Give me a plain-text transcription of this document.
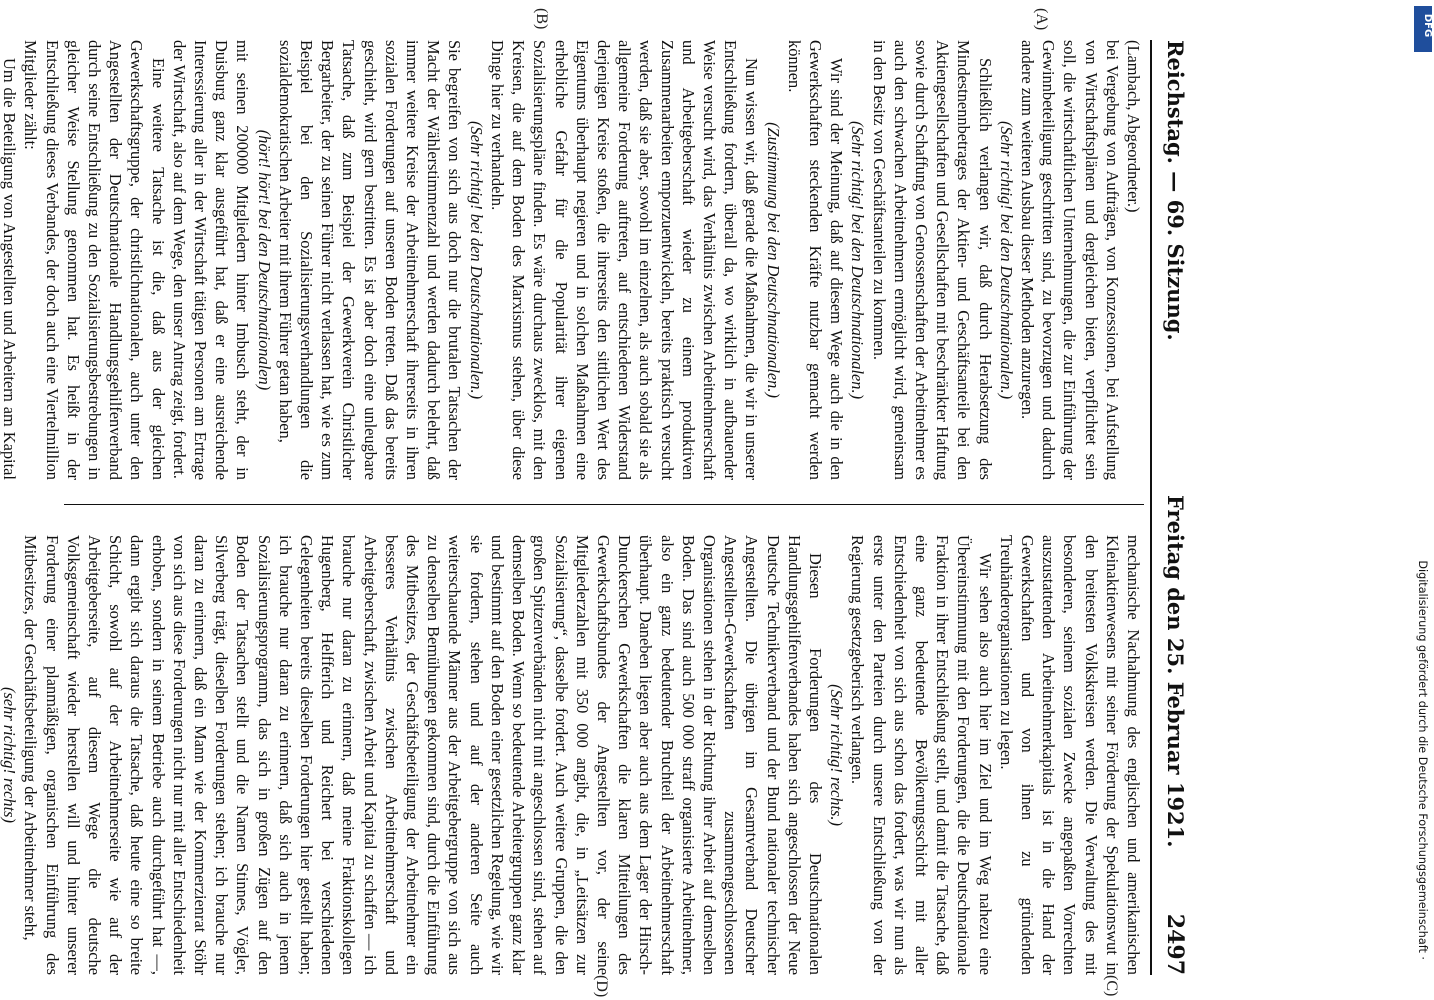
Reichstag. — 69. Sitzung.
Freitag den 25. Februar 1921.
2497
(A)
(B)
(C)
(D)

(Lambach, Abgeordneter.)

bei Vergebung von Aufträgen, von Konzessionen, bei Aufstellung von Wirtschaftsplänen und dergleichen bieten, verpflichtet sein soll, die wirtschaftlichen Unternehmungen, die zur Einführung der Gewinnbeteiligung geschritten sind, zu bevorzugen und dadurch andere zum weiteren Ausbau dieser Methoden anzuregen.

(Sehr richtig! bei den Deutschnationalen.)

Schließlich verlangen wir, daß durch Herabsetzung des Mindestnennbetrages der Aktien- und Geschäftsanteile bei den Aktiengesellschaften und Gesellschaften mit beschränkter Haftung sowie durch Schaffung von Genossenschaften der Arbeitnehmer es auch den schwachen Arbeitnehmern ermöglicht wird, gemeinsam in den Besitz von Geschäftsanteilen zu kommen.

(Sehr richtig! bei den Deutschnationalen.)

Wir sind der Meinung, daß auf diesem Wege auch die in den Gewerkschaften steckenden Kräfte nutzbar gemacht werden können.

(Zustimmung bei den Deutschnationalen.)

Nun wissen wir, daß gerade die Maßnahmen, die wir in unserer Entschließung fordern, überall da, wo wirklich in aufbauender Weise versucht wird, das Verhältnis zwischen Arbeitnehmerschaft und Arbeitgeberschaft wieder zu einem produktiven Zusammenarbeiten emporzuentwickeln, bereits praktisch versucht werden, daß sie aber, sowohl im einzelnen, als auch sobald sie als allgemeine Forderung auftreten, auf entschiedenen Widerstand derjenigen Kreise stoßen, die ihrerseits den sittlichen Wert des Eigentums überhaupt negieren und in solchen Maßnahmen eine erhebliche Gefahr für die Popularität ihrer eigenen Sozialisierungspläne finden. Es wäre durchaus zwecklos, mit den Kreisen, die auf dem Boden des Marxismus stehen, über diese Dinge hier zu verhandeln.

(Sehr richtig! bei den Deutschnationalen.)

Sie begreifen von sich aus doch nur die brutalen Tatsachen der Macht der Wählerstimmenzahl und werden dadurch belehrt, daß immer weitere Kreise der Arbeitnehmerschaft ihrerseits in ihren sozialen Forderungen auf unseren Boden treten. Daß das bereits geschieht, wird gern bestritten. Es ist aber doch eine unleugbare Tatsache, daß zum Beispiel der Gewerkverein Christlicher Bergarbeiter, der zu seinen Führer nicht verlassen hat, wie es zum Beispiel bei den Sozialisierungsverhandlungen die sozialdemokratischen Arbeiter mit ihrem Führer getan haben,

(hört! hört! bei den Deutschnationalen)

mit seinen 200000 Mitgliedern hinter Imbusch steht, der in Duisburg ganz klar ausgeführt hat, daß er eine ausreichende Interessierung aller in der Wirtschaft tätigen Personen am Ertrage der Wirtschaft, also auf dem Wege, den unser Antrag zeigt, fordert.

Eine weitere Tatsache ist die, daß aus der gleichen Gewerkschaftsgruppe, der christlichnationalen, auch unter den Angestellten der Deutschnationale Handlungsgehilfenverband durch seine Entschließung zu den Sozialisierungsbestrebungen in gleicher Weise Stellung genommen hat. Es heißt in der Entschließung dieses Verbandes, der doch auch eine Viertelmillion Mitglieder zählt:

Um die Beteiligung von Angestellten und Arbeitern am Kapital

mechanische Nachahmung des englischen und amerikanischen Kleinaktienwesens mit seiner Förderung der Spekulationswut in den breitesten Volkskreisen werden. Die Verwaltung des mit besonderen, seinem sozialen Zwecke angepaßten Vorrechten auszustattenden Arbeitnehmerkapitals ist in die Hand der Gewerkschaften und von ihnen zu gründenden Treuhänderorganisationen zu legen.

Wir sehen also auch hier im Ziel und im Weg nahezu eine Übereinstimmung mit den Forderungen, die die Deutschnationale Fraktion in ihrer Entschließung stellt, und damit die Tatsache, daß eine ganz bedeutende Bevölkerungsschicht mit aller Entschiedenheit von sich aus schon das fordert, was wir nun als erste unter den Parteien durch unsere Entschließung von der Regierung gesetzgeberisch verlangen.

(Sehr richtig! rechts.)

Diesen Forderungen des Deutschnationalen Handlungsgehilfenverbandes haben sich angeschlossen der Neue Deutsche Technikerverband und der Bund nationaler technischer Angestellten. Die übrigen im Gesamtverband Deutscher Angestellten-Gewerkschaften zusammengeschlossenen Organisationen stehen in der Richtung ihrer Arbeit auf demselben Boden. Das sind auch 500 000 straff organisierte Arbeitnehmer, also ein ganz bedeutender Bruchteil der Arbeitnehmerschaft überhaupt. Daneben liegen aber auch aus dem Lager der Hirsch-Dunckerschen Gewerkschaften die klaren Mitteilungen des Gewerkschaftsbundes der Angestellten vor, der seine Mitgliederzahlen mit 350 000 angibt, die, in „Leitsätzen zur Sozialisierung“, dasselbe fordert. Auch weitere Gruppen, die den großen Spitzenverbänden nicht mit angeschlossen sind, stehen auf demselben Boden. Wenn so bedeutende Arbeitergruppen ganz klar und bestimmt auf den Boden einer gesetzlichen Regelung, wie wir sie fordern, stehen und auf der anderen Seite auch weiterschauende Männer aus der Arbeitgebergruppe von sich aus zu denselben Bemühungen gekommen sind, durch die Einführung des Mitbesitzes, der Geschäftsbeteiligung der Arbeitnehmer ein besseres Verhältnis zwischen Arbeitnehmerschaft und Arbeitgeberschaft, zwischen Arbeit und Kapital zu schaffen — ich brauche nur daran zu erinnern, daß meine Fraktionskollegen Hugenberg, Helfferich und Reichert bei verschiedenen Gelegenheiten bereits dieselben Forderungen hier gestellt haben; ich brauche nur daran zu erinnern, daß sich auch in jenem Sozialisierungsprogramm, das sich in großen Zügen auf den Boden der Tatsachen stellt und die Namen Stinnes, Vögler, Silverberg trägt, dieselben Forderungen stehen; ich brauche nur daran zu erinnern, daß ein Mann wie der Kommerzienrat Stöhr von sich aus diese Forderungen nicht nur mit aller Entschiedenheit erhoben, sondern in seinem Betriebe auch durchgeführt hat —, dann ergibt sich daraus die Tatsache, daß heute eine so breite Schicht, sowohl auf der Arbeitnehmerseite wie auf der Arbeitgeberseite, auf diesem Wege die deutsche Volksgemeinschaft wieder herstellen will und hinter unserer Forderung einer planmäßigen, organischen Einführung des Mitbesitzes, der Geschäftsbeteiligung der Arbeitnehmer steht,

(sehr richtig! rechts)

DFG
Digitalisierung gefördert durch die Deutsche Forschungsgemeinschaft ·
